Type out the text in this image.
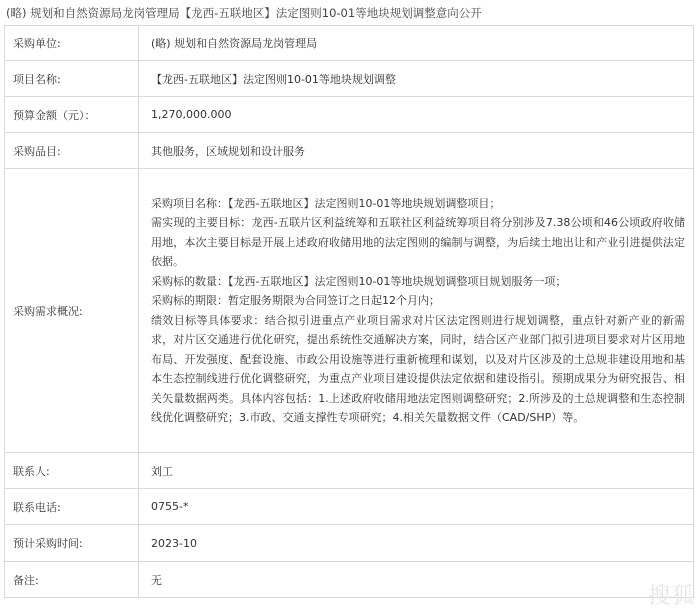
(略) 规划和自然资源局龙岗管理局【龙西-五联地区】法定图则10-01等地块规划调整意向公开
采购单位:	(略) 规划和自然资源局龙岗管理局
项目名称:	【龙西-五联地区】法定图则10-01等地块规划调整
预算金额（元）：	1,270,000.000
采购品目:	其他服务，区域规划和设计服务
采购需求概况:	采购项目名称：【龙西-五联地区】法定图则10-01等地块规划调整项目；

需实现的主要目标：龙西-五联片区利益统筹和五联社区利益统筹项目将分别涉及7.38公顷和46公顷政府收储用地，本次主要目标是开展上述政府收储用地的法定图则的编制与调整，为后续土地出让和产业引进提供法定依据。

采购标的数量：【龙西-五联地区】法定图则10-01等地块规划调整项目规划服务一项；

采购标的期限：暂定服务期限为合同签订之日起12个月内；

绩效目标等具体要求：结合拟引进重点产业项目需求对片区法定图则进行规划调整，重点针对新产业的新需求，对片区交通进行优化研究，提出系统性交通解决方案，同时，结合区产业部门拟引进项目要求对片区用地布局、开发强度、配套设施、市政公用设施等进行重新梳理和谋划，以及对片区涉及的土总规非建设用地和基本生态控制线进行优化调整研究，为重点产业项目建设提供法定依据和建设指引。预期成果分为研究报告、相关矢量数据两类。具体内容包括：1.上述政府收储用地法定图则调整研究；2.所涉及的土总规调整和生态控制线优化调整研究；3.市政、交通支撑性专项研究；4.相关矢量数据文件（CAD/SHP）等。

联系人:	刘工
联系电话:	0755-*
预计采购时间:	2023-10
备注:	无
搜狐
